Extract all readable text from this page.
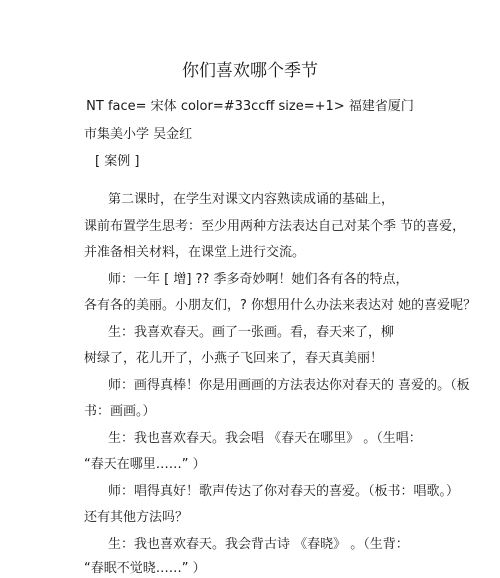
你们喜欢哪个季节
NT face= 宋体 color=#33ccff size=+1> 福建省厦门
市集美小学 吴金红
[ 案例 ]
第二课时，在学生对课文内容熟读成诵的基础上，
课前布置学生思考：至少用两种方法表达自己对某个季 节的喜爱，
并准备相关材料，在课堂上进行交流。
师：一年 [ 增] ?? 季多奇妙啊！她们各有各的特点，
各有各的美丽。小朋友们，? 你想用什么办法来表达对 她的喜爱呢？
生：我喜欢春天。画了一张画。看，春天来了，柳
树绿了，花儿开了，小燕子飞回来了，春天真美丽！
师：画得真棒！你是用画画的方法表达你对春天的 喜爱的。（板
书：画画。）
生：我也喜欢春天。我会唱 《春天在哪里》 。（生唱：
“春天在哪里……” ）
师：唱得真好！歌声传达了你对春天的喜爱。（板书：唱歌。）
还有其他方法吗？
生：我也喜欢春天。我会背古诗 《春晓》 。（生背：
“春眠不觉晓……” ）
